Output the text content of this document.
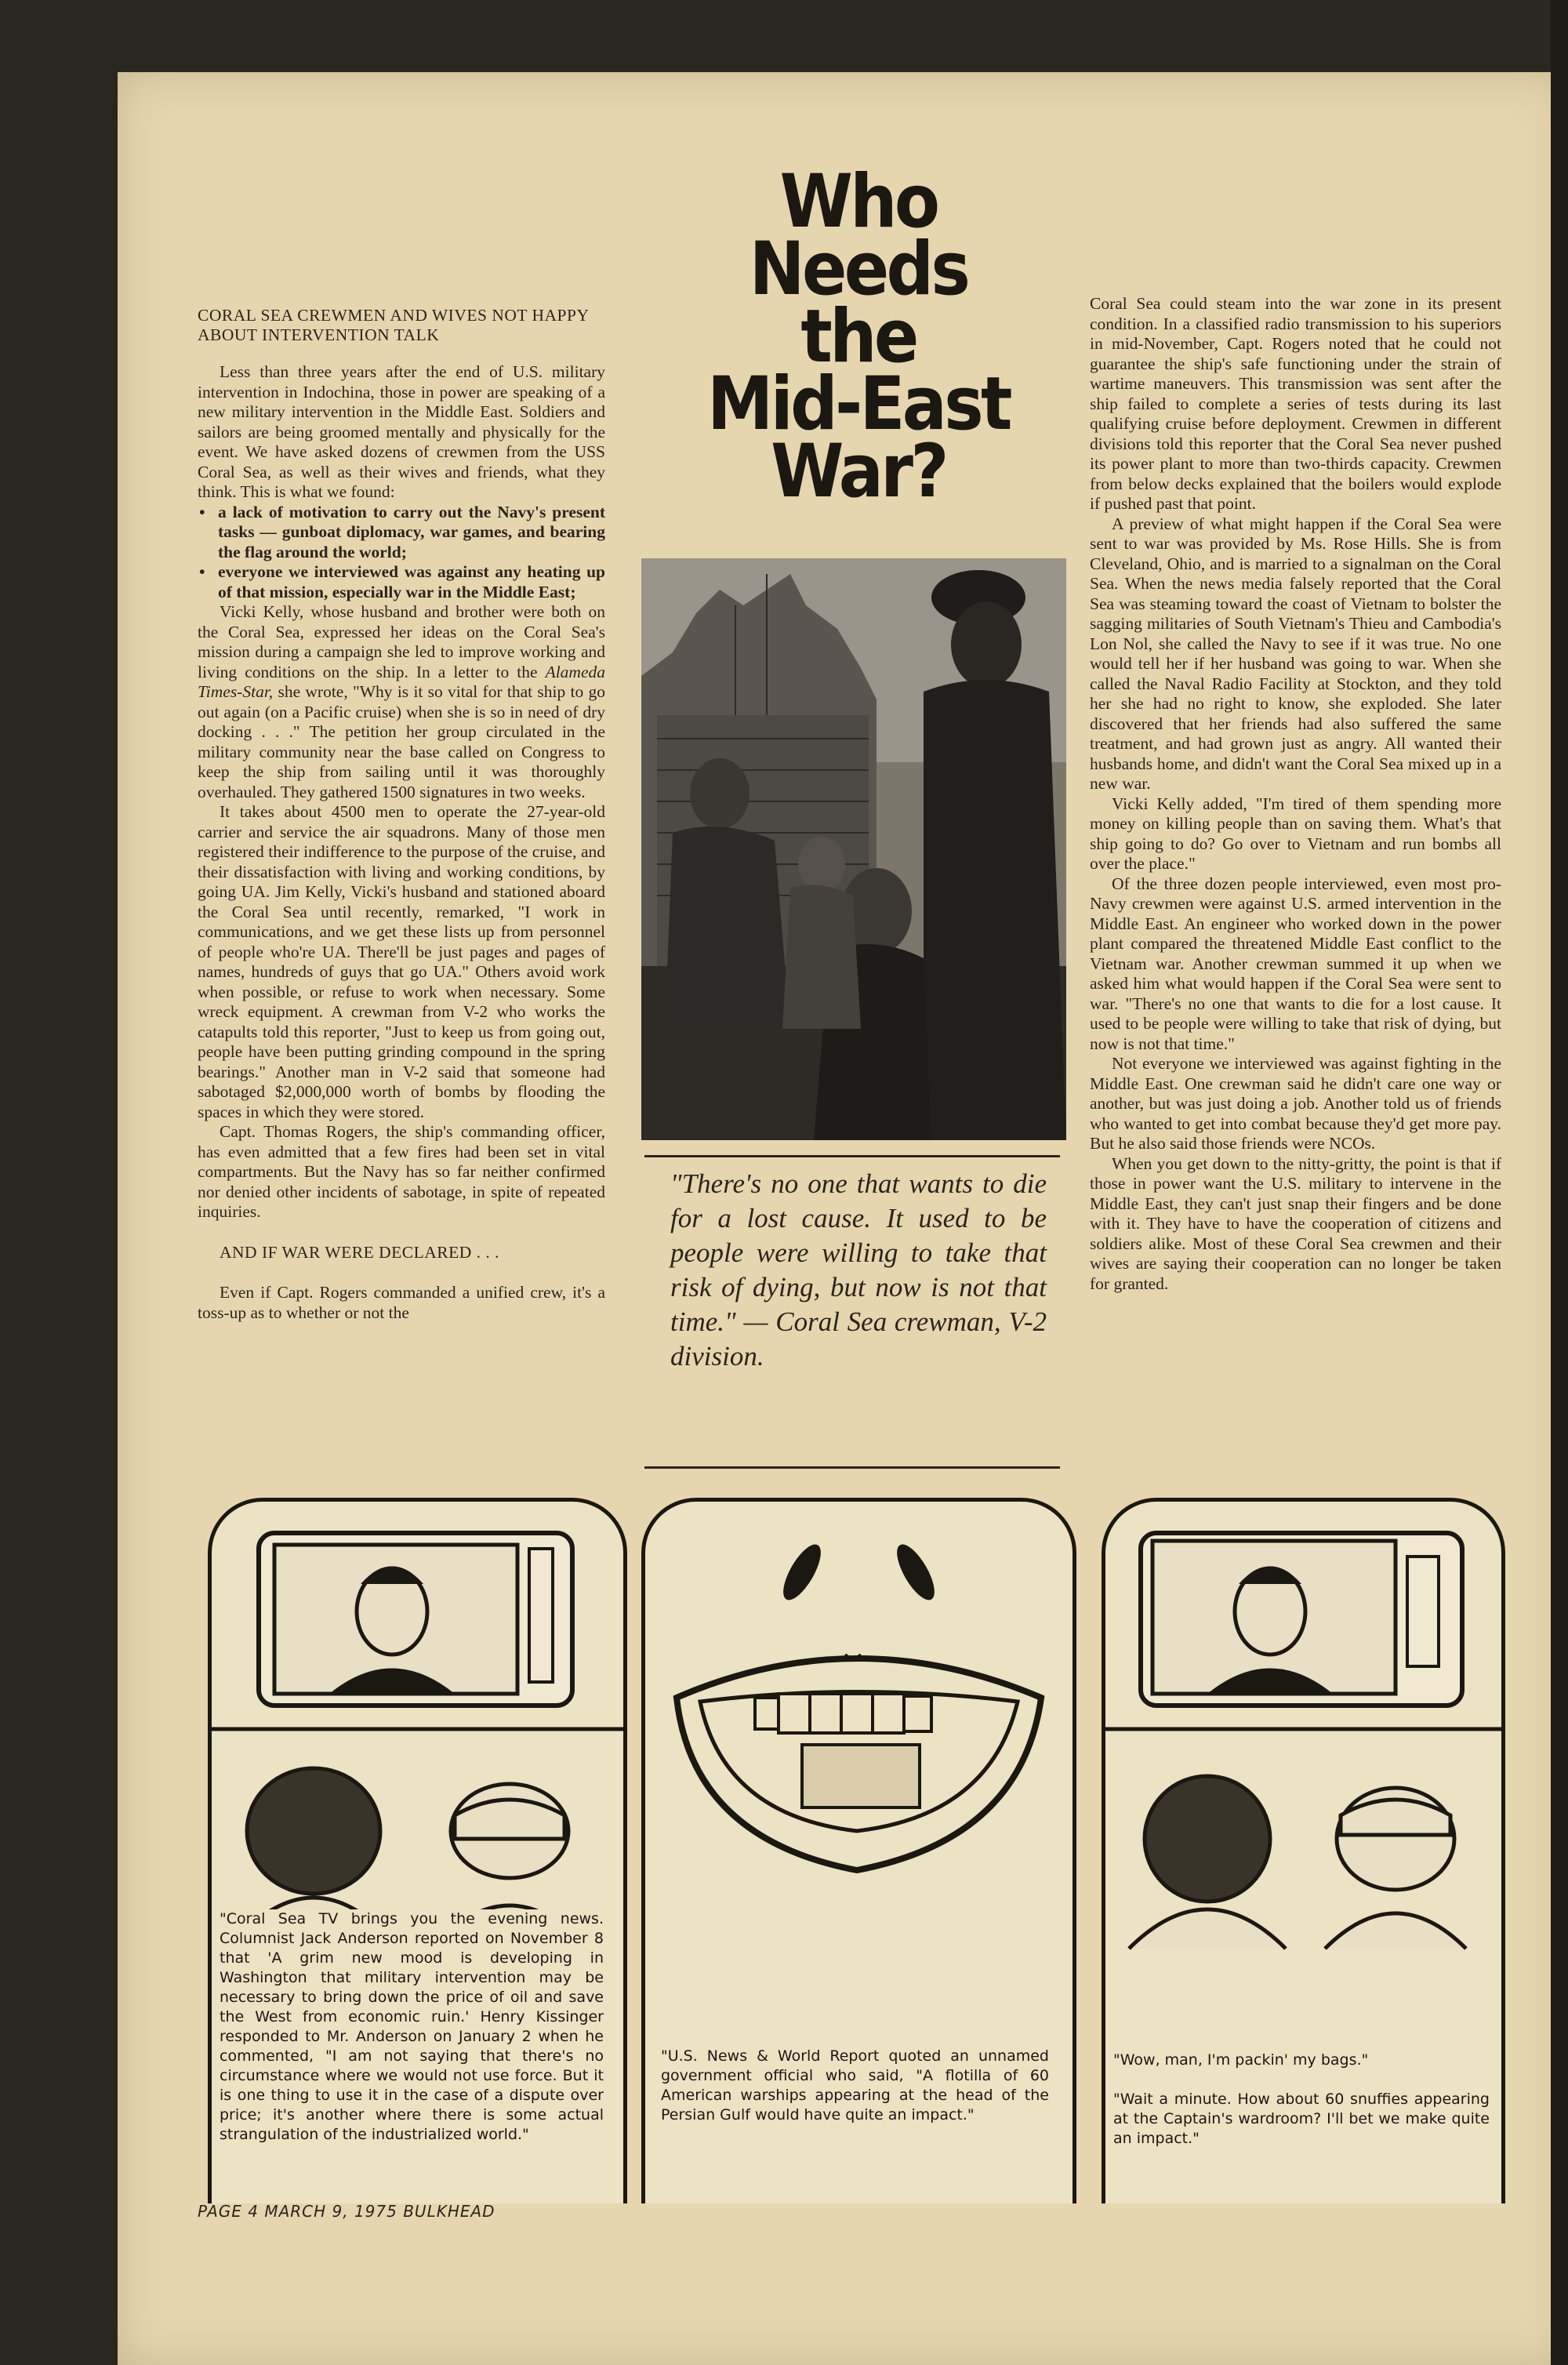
CORAL SEA CREWMEN AND WIVES NOT HAPPY ABOUT INTERVENTION TALK

Less than three years after the end of U.S. military intervention in Indochina, those in power are speaking of a new military intervention in the Middle East. Soldiers and sailors are being groomed mentally and physically for the event. We have asked dozens of crewmen from the USS Coral Sea, as well as their wives and friends, what they think. This is what we found:

• a lack of motivation to carry out the Navy's present tasks — gunboat diplomacy, war games, and bearing the flag around the world;
• everyone we interviewed was against any heating up of that mission, especially war in the Middle East;

Vicki Kelly, whose husband and brother were both on the Coral Sea, expressed her ideas on the Coral Sea's mission during a campaign she led to improve working and living conditions on the ship. In a letter to the Alameda Times-Star, she wrote, "Why is it so vital for that ship to go out again (on a Pacific cruise) when she is so in need of dry docking . . ." The petition her group circulated in the military community near the base called on Congress to keep the ship from sailing until it was thoroughly overhauled. They gathered 1500 signatures in two weeks.

It takes about 4500 men to operate the 27-year-old carrier and service the air squadrons. Many of those men registered their indifference to the purpose of the cruise, and their dissatisfaction with living and working conditions, by going UA. Jim Kelly, Vicki's husband and stationed aboard the Coral Sea until recently, remarked, "I work in communications, and we get these lists up from personnel of people who're UA. There'll be just pages and pages of names, hundreds of guys that go UA." Others avoid work when possible, or refuse to work when necessary. Some wreck equipment. A crewman from V-2 who works the catapults told this reporter, "Just to keep us from going out, people have been putting grinding compound in the spring bearings." Another man in V-2 said that someone had sabotaged $2,000,000 worth of bombs by flooding the spaces in which they were stored.

Capt. Thomas Rogers, the ship's commanding officer, has even admitted that a few fires had been set in vital compartments. But the Navy has so far neither confirmed nor denied other incidents of sabotage, in spite of repeated inquiries.

AND IF WAR WERE DECLARED . . .

Even if Capt. Rogers commanded a unified crew, it's a toss-up as to whether or not the

Who
Needs
the
Mid-East
War?
"There's no one that wants to die for a lost cause. It used to be people were willing to take that risk of dying, but now is not that time." — Coral Sea crewman, V-2 division.

Coral Sea could steam into the war zone in its present condition. In a classified radio transmission to his superiors in mid-November, Capt. Rogers noted that he could not guarantee the ship's safe functioning under the strain of wartime maneuvers. This transmission was sent after the ship failed to complete a series of tests during its last qualifying cruise before deployment. Crewmen in different divisions told this reporter that the Coral Sea never pushed its power plant to more than two-thirds capacity. Crewmen from below decks explained that the boilers would explode if pushed past that point.

A preview of what might happen if the Coral Sea were sent to war was provided by Ms. Rose Hills. She is from Cleveland, Ohio, and is married to a signalman on the Coral Sea. When the news media falsely reported that the Coral Sea was steaming toward the coast of Vietnam to bolster the sagging militaries of South Vietnam's Thieu and Cambodia's Lon Nol, she called the Navy to see if it was true. No one would tell her if her husband was going to war. When she called the Naval Radio Facility at Stockton, and they told her she had no right to know, she exploded. She later discovered that her friends had also suffered the same treatment, and had grown just as angry. All wanted their husbands home, and didn't want the Coral Sea mixed up in a new war.

Vicki Kelly added, "I'm tired of them spending more money on killing people than on saving them. What's that ship going to do? Go over to Vietnam and run bombs all over the place."

Of the three dozen people interviewed, even most pro-Navy crewmen were against U.S. armed intervention in the Middle East. An engineer who worked down in the power plant compared the threatened Middle East conflict to the Vietnam war. Another crewman summed it up when we asked him what would happen if the Coral Sea were sent to war. "There's no one that wants to die for a lost cause. It used to be people were willing to take that risk of dying, but now is not that time."

Not everyone we interviewed was against fighting in the Middle East. One crewman said he didn't care one way or another, but was just doing a job. Another told us of friends who wanted to get into combat because they'd get more pay. But he also said those friends were NCOs.

When you get down to the nitty-gritty, the point is that if those in power want the U.S. military to intervene in the Middle East, they can't just snap their fingers and be done with it. They have to have the cooperation of citizens and soldiers alike. Most of these Coral Sea crewmen and their wives are saying their cooperation can no longer be taken for granted.

"Coral Sea TV brings you the evening news. Columnist Jack Anderson reported on November 8 that 'A grim new mood is developing in Washington that military intervention may be necessary to bring down the price of oil and save the West from economic ruin.' Henry Kissinger responded to Mr. Anderson on January 2 when he commented, "I am not saying that there's no circumstance where we would not use force. But it is one thing to use it in the case of a dispute over price; it's another where there is some actual strangulation of the industrialized world."
"U.S. News & World Report quoted an unnamed government official who said, "A flotilla of 60 American warships appearing at the head of the Persian Gulf would have quite an impact."
"Wow, man, I'm packin' my bags."
"Wait a minute. How about 60 snuffies appearing at the Captain's wardroom? I'll bet we make quite an impact."
PAGE 4 MARCH 9, 1975 BULKHEAD
